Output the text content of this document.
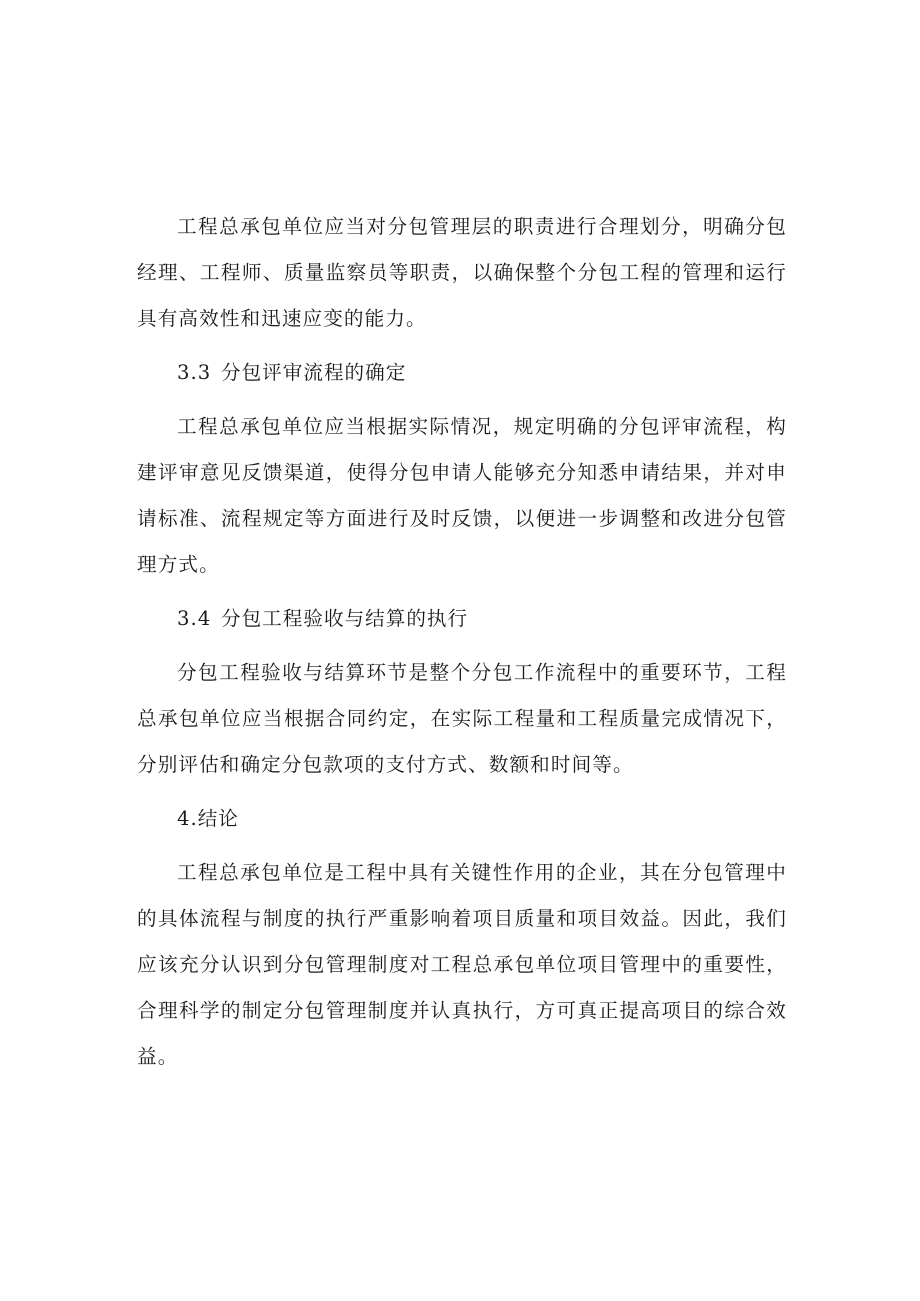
工程总承包单位应当对分包管理层的职责进行合理划分，明确分包经理、工程师、质量监察员等职责，以确保整个分包工程的管理和运行具有高效性和迅速应变的能力。

3.3 分包评审流程的确定

工程总承包单位应当根据实际情况，规定明确的分包评审流程，构建评审意见反馈渠道，使得分包申请人能够充分知悉申请结果，并对申请标准、流程规定等方面进行及时反馈，以便进一步调整和改进分包管理方式。

3.4 分包工程验收与结算的执行

分包工程验收与结算环节是整个分包工作流程中的重要环节，工程总承包单位应当根据合同约定，在实际工程量和工程质量完成情况下，分别评估和确定分包款项的支付方式、数额和时间等。

4.结论

工程总承包单位是工程中具有关键性作用的企业，其在分包管理中的具体流程与制度的执行严重影响着项目质量和项目效益。因此，我们应该充分认识到分包管理制度对工程总承包单位项目管理中的重要性，合理科学的制定分包管理制度并认真执行，方可真正提高项目的综合效益。
